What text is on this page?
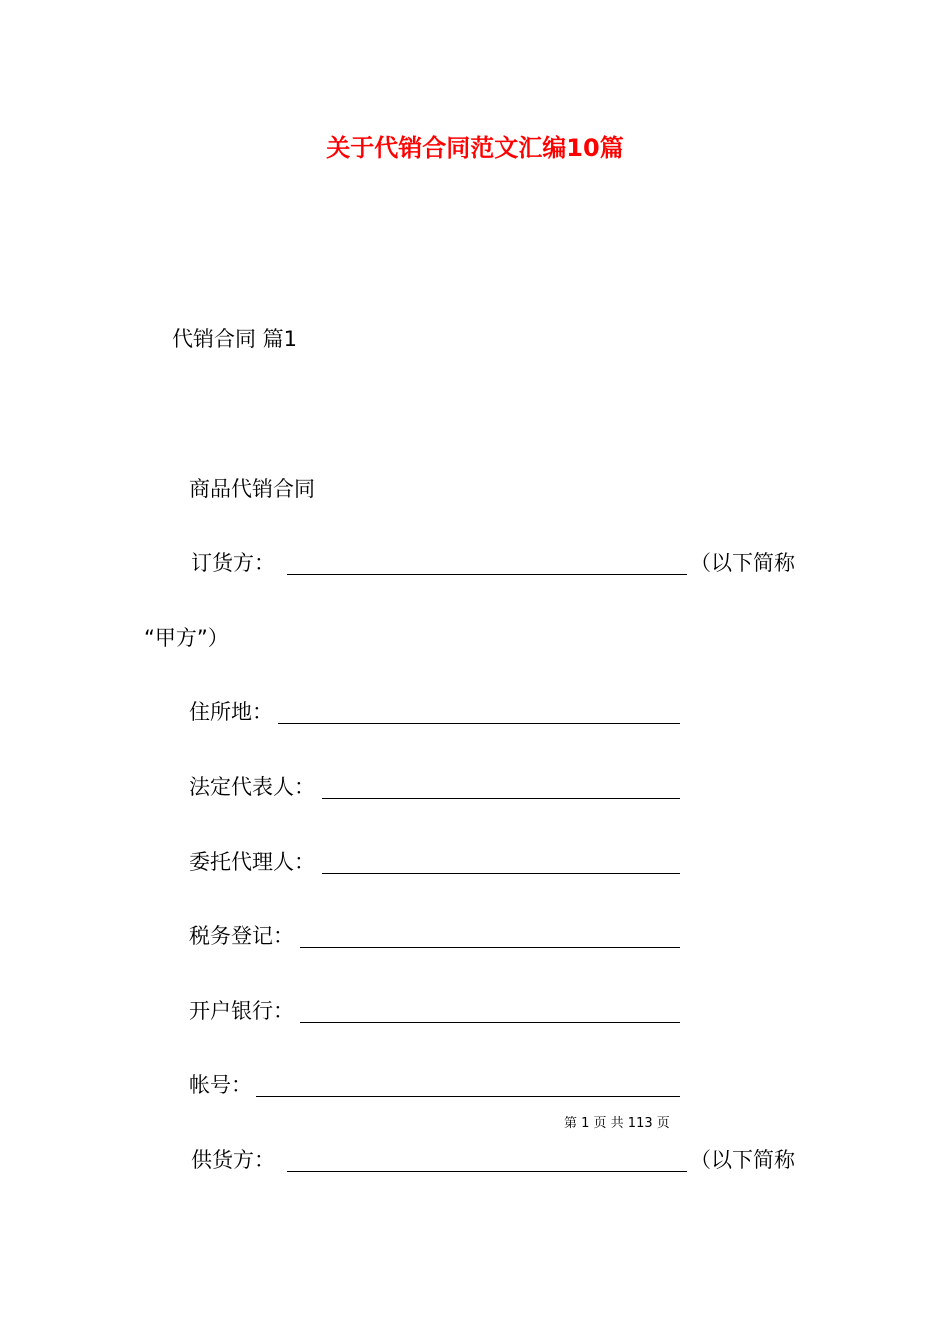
关于代销合同范文汇编10篇
代销合同 篇1
商品代销合同
订货方：	（以下简称
“甲方”）
住所地：
法定代表人：
委托代理人：
税务登记：
开户银行：
帐号：
第 1 页 共 113 页
供货方：	（以下简称
